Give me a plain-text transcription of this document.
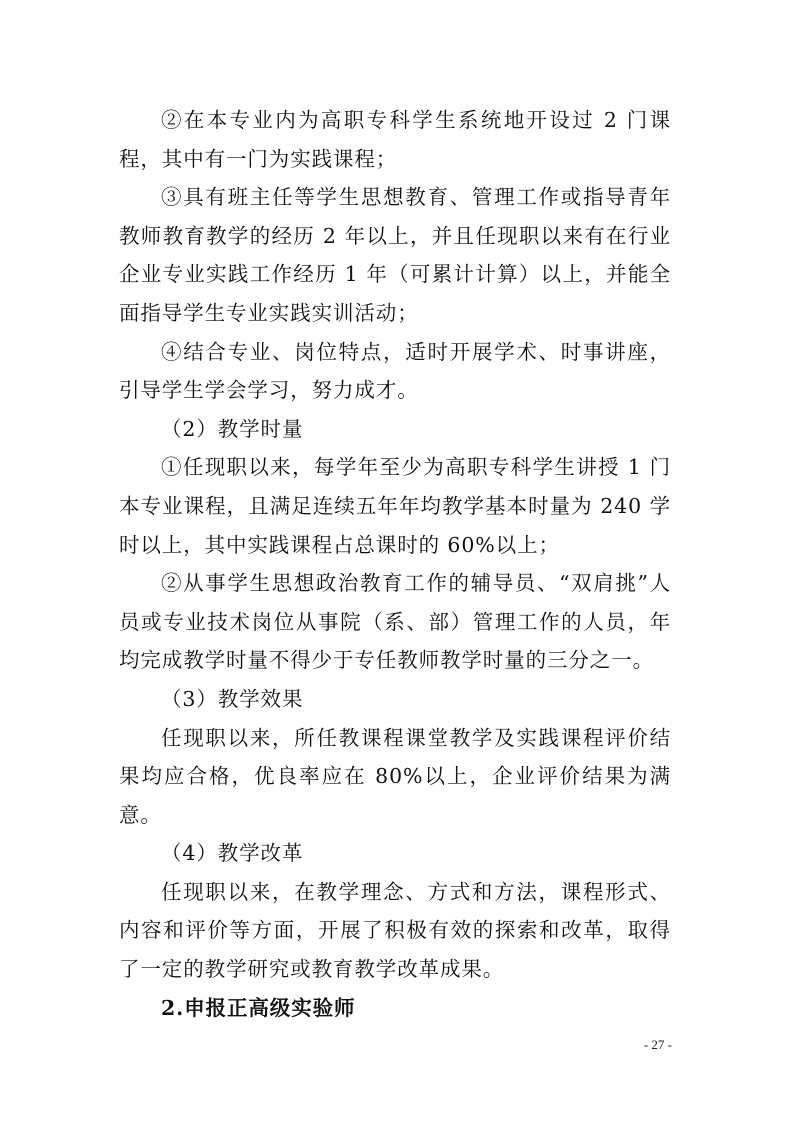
②在本专业内为高职专科学生系统地开设过 2 门课程，其中有一门为实践课程；

③具有班主任等学生思想教育、管理工作或指导青年教师教育教学的经历 2 年以上，并且任现职以来有在行业企业专业实践工作经历 1 年（可累计计算）以上，并能全面指导学生专业实践实训活动；

④结合专业、岗位特点，适时开展学术、时事讲座，引导学生学会学习，努力成才。

（2）教学时量

①任现职以来，每学年至少为高职专科学生讲授 1 门本专业课程，且满足连续五年年均教学基本时量为 240 学时以上，其中实践课程占总课时的 60%以上；

②从事学生思想政治教育工作的辅导员、“双肩挑”人员或专业技术岗位从事院（系、部）管理工作的人员，年均完成教学时量不得少于专任教师教学时量的三分之一。

（3）教学效果

任现职以来，所任教课程课堂教学及实践课程评价结果均应合格，优良率应在 80%以上，企业评价结果为满意。

（4）教学改革

任现职以来，在教学理念、方式和方法，课程形式、内容和评价等方面，开展了积极有效的探索和改革，取得了一定的教学研究或教育教学改革成果。

2.申报正高级实验师

- 27 -
